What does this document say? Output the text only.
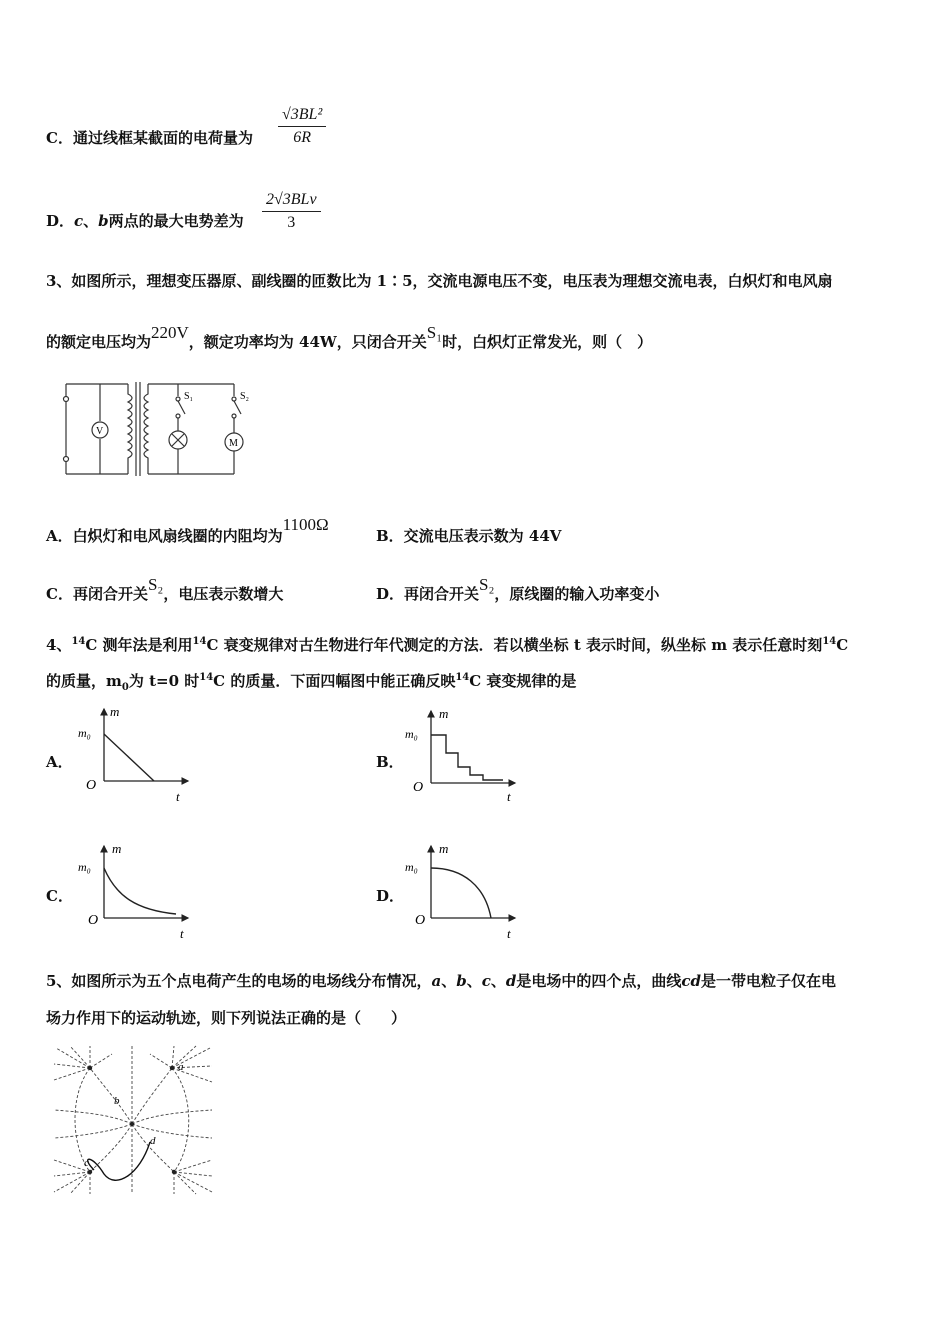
C．通过线框某截面的电荷量为 $\frac{\text{√3BL²}}{6R}$
D．c、b两点的最大电势差为
2√3BLv
3
3、如图所示，理想变压器原、副线圈的匝数比为 1∶5，交流电源电压不变，电压表为理想交流电表，白炽灯和电风扇
的额定电压均为220V，额定功率均为 44W，只闭合开关S₁时，白炽灯正常发光，则（　）
V
M
S₁	S₂
A．白炽灯和电风扇线圈的内阻均为1100Ω
B．交流电压表示数为 44V
C．再闭合开关S₂，电压表示数增大	D．再闭合开关S₂，原线圈的输入功率变小
4、$^{14}$C 测年法是利用$^{14}$C 衰变规律对古生物进行年代测定的方法．若以横坐标 t 表示时间，纵坐标 m 表示任意时刻$^{14}$C
的质量，$m_0$为 t=0 时$^{14}$C 的质量．下面四幅图中能正确反映$^{14}$C 衰变规律的是
A．	B．
C．	D．
m
m₀
O
t
m
m₀
O
t
m
m₀
O
t
m
m₀
O
t
5、如图所示为五个点电荷产生的电场的电场线分布情况，a、b、c、d是电场中的四个点，曲线cd是一带电粒子仅在电
场力作用下的运动轨迹，则下列说法正确的是（　　）
a
b
c
d
